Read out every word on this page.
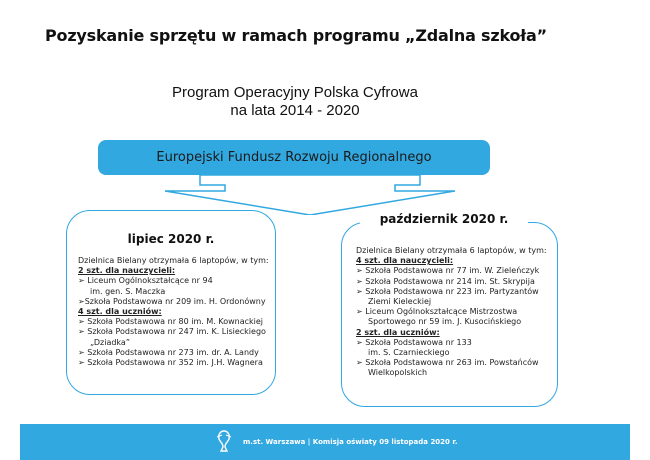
Pozyskanie sprzętu w ramach programu „Zdalna szkoła”
Program Operacyjny Polska Cyfrowa
na lata 2014 - 2020
Europejski Fundusz Rozwoju Regionalnego
lipiec 2020 r.
Dzielnica Bielany otrzymała 6 laptopów, w tym:
2 szt. dla nauczycieli:
➢ Liceum Ogólnokształcące nr 94
im. gen. S. Maczka
➢Szkoła Podstawowa nr 209 im. H. Ordonówny
4 szt. dla uczniów:
➢ Szkoła Podstawowa nr 80 im. M. Kownackiej
➢ Szkoła Podstawowa nr 247 im. K. Lisieckiego
„Dziadka”
➢ Szkoła Podstawowa nr 273 im. dr. A. Landy
➢ Szkoła Podstawowa nr 352 im. J.H. Wagnera
Dzielnica Bielany otrzymała 6 laptopów, w tym:
4 szt. dla nauczycieli:
➢ Szkoła Podstawowa nr 77 im. W. Zieleńczyk
➢ Szkoła Podstawowa nr 214 im. St. Skrypija
➢ Szkoła Podstawowa nr 223 im. Partyzantów
Ziemi Kieleckiej
➢ Liceum Ogólnokształcące Mistrzostwa
Sportowego nr 59 im. J. Kusocińskiego
2 szt. dla uczniów:
➢ Szkoła Podstawowa nr 133
im. S. Czarnieckiego
➢ Szkoła Podstawowa nr 263 im. Powstańców
Wielkopolskich
październik 2020 r.
m.st. Warszawa | Komisja oświaty 09 listopada 2020 r.
